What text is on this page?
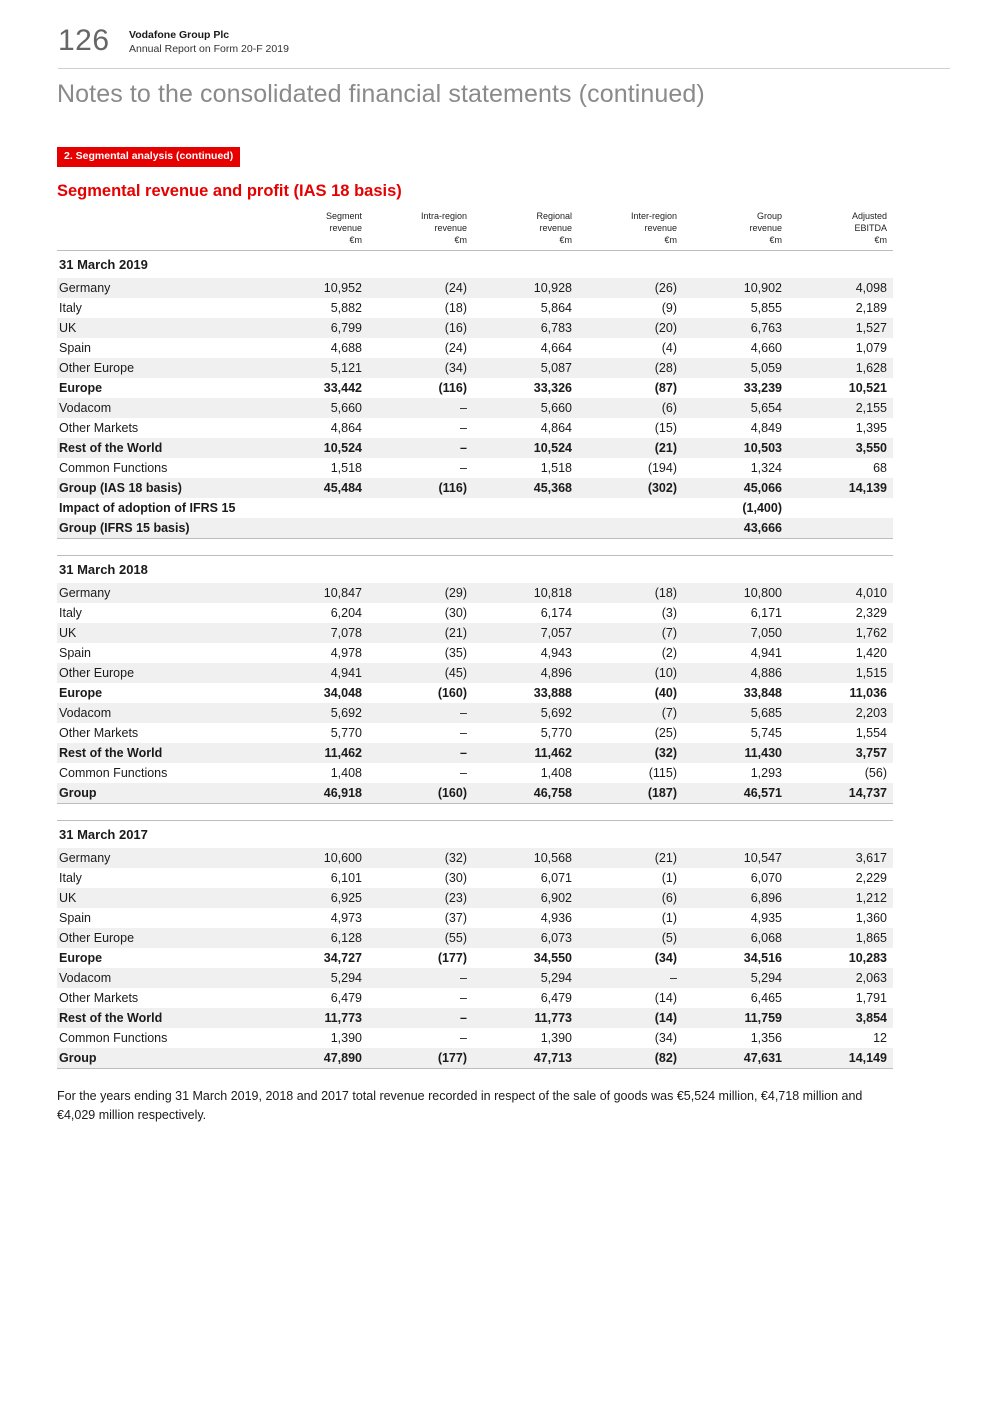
126 Vodafone Group Plc
Annual Report on Form 20-F 2019
Notes to the consolidated financial statements (continued)
2. Segmental analysis (continued)
Segmental revenue and profit (IAS 18 basis)

Segment
revenue
€m

Intra-region
revenue
€m

Regional
revenue
€m

Inter-region
revenue
€m

Group
revenue
€m

Adjusted
EBITDA
€m

31 March 2019						
Germany	10,952	(24)	10,928	(26)	10,902	4,098
Italy	5,882	(18)	5,864	(9)	5,855	2,189
UK	6,799	(16)	6,783	(20)	6,763	1,527
Spain	4,688	(24)	4,664	(4)	4,660	1,079
Other Europe	5,121	(34)	5,087	(28)	5,059	1,628
Europe	33,442	(116)	33,326	(87)	33,239	10,521
Vodacom	5,660	–	5,660	(6)	5,654	2,155
Other Markets	4,864	–	4,864	(15)	4,849	1,395
Rest of the World	10,524	–	10,524	(21)	10,503	3,550
Common Functions	1,518	–	1,518	(194)	1,324	68
Group (IAS 18 basis)	45,484	(116)	45,368	(302)	45,066	14,139
Impact of adoption of IFRS 15					(1,400)	
Group (IFRS 15 basis)					43,666	

31 March 2018						
Germany	10,847	(29)	10,818	(18)	10,800	4,010
Italy	6,204	(30)	6,174	(3)	6,171	2,329
UK	7,078	(21)	7,057	(7)	7,050	1,762
Spain	4,978	(35)	4,943	(2)	4,941	1,420
Other Europe	4,941	(45)	4,896	(10)	4,886	1,515
Europe	34,048	(160)	33,888	(40)	33,848	11,036
Vodacom	5,692	–	5,692	(7)	5,685	2,203
Other Markets	5,770	–	5,770	(25)	5,745	1,554
Rest of the World	11,462	–	11,462	(32)	11,430	3,757
Common Functions	1,408	–	1,408	(115)	1,293	(56)
Group	46,918	(160)	46,758	(187)	46,571	14,737

31 March 2017						
Germany	10,600	(32)	10,568	(21)	10,547	3,617
Italy	6,101	(30)	6,071	(1)	6,070	2,229
UK	6,925	(23)	6,902	(6)	6,896	1,212
Spain	4,973	(37)	4,936	(1)	4,935	1,360
Other Europe	6,128	(55)	6,073	(5)	6,068	1,865
Europe	34,727	(177)	34,550	(34)	34,516	10,283
Vodacom	5,294	–	5,294	–	5,294	2,063
Other Markets	6,479	–	6,479	(14)	6,465	1,791
Rest of the World	11,773	–	11,773	(14)	11,759	3,854
Common Functions	1,390	–	1,390	(34)	1,356	12
Group	47,890	(177)	47,713	(82)	47,631	14,149
For the years ending 31 March 2019, 2018 and 2017 total revenue recorded in respect of the sale of goods was €5,524 million, €4,718 million and €4,029 million respectively.
